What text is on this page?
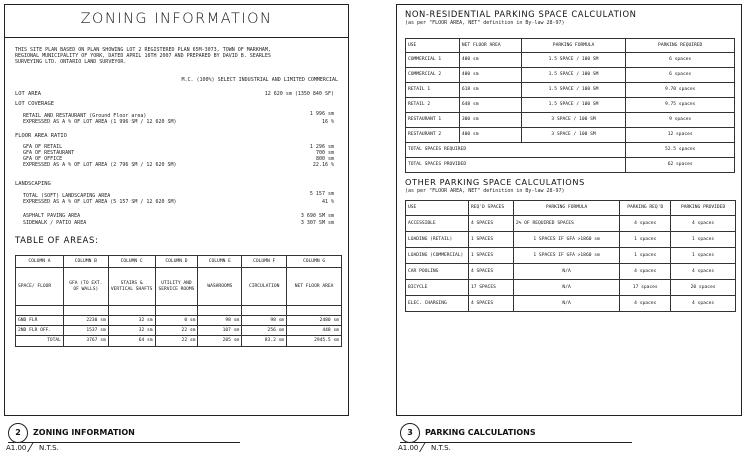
ZONING INFORMATION
THIS SITE PLAN BASED ON PLAN SHOWING LOT 2 REGISTERED PLAN 65M-3073, TOWN OF MARKHAM,
REGIONAL MUNICIPALITY OF YORK, DATED APRIL 16TH 2007 AND PREPARED BY DAVID B. SEARLES
SURVEYING LTD. ONTARIO LAND SURVEYOR.
M.C. (100%) SELECT INDUSTRIAL AND LIMITED COMMERCIAL
LOT AREA	12 620 sm (1350 840 SF)
LOT COVERAGE
RETAIL AND RESTAURANT (Ground Floor area)	1 996 sm
EXPRESSED AS A % OF LOT AREA (1 996 SM / 12 620 SM)	16 %
FLOOR AREA RATIO
GFA OF RETAIL	1 296 sm
GFA OF RESTAURANT	700 sm
GFA OF OFFICE	800 sm
EXPRESSED AS A % OF LOT AREA (2 796 SM / 12 620 SM)	22.16 %
LANDSCAPING
TOTAL (SOFT) LANDSCAPING AREA	5 157 sm
EXPRESSED AS A % OF LOT AREA (5 157 SM / 12 620 SM)	41 %
ASPHALT PAVING AREA	3 690 SM sm
SIDEWALK / PATIO AREA	3 307 SM sm
TABLE OF AREAS:
COLUMN A	COLUMN B	COLUMN C	COLUMN D	COLUMN E	COLUMN F	COLUMN G
SPACE/ FLOOR	GFA (TO EXT. OF WALLS)	STAIRS & VERTICAL SHAFTS	UTILITY AND SERVICE ROOMS	WASHROOMS	CIRCULATION	NET FLOOR AREA

GND FLR	2230 sm	32 sm	0 sm	98 sm	98 sm	2480 sm
2ND FLR OFF.	1537 sm	32 sm	22 sm	107 sm	256 sm	448 sm
TOTAL	3767 sm	64 sm	22 sm	205 sm	83.2 sm	2945.5 sm
2	ZONING INFORMATION
A1.00 N.T.S.
NON-RESIDENTIAL PARKING SPACE CALCULATION
(as per "FLOOR AREA, NET" definition in By-law 28-97)
USE	NET FLOOR AREA	PARKING FORMULA	PARKING REQUIRED
COMMERCIAL 1	400 sm	1.5 SPACE / 100 SM	6 spaces
COMMERCIAL 2	400 sm	1.5 SPACE / 100 SM	6 spaces
RETAIL 1	618 sm	1.5 SPACE / 100 SM	9.70 spaces
RETAIL 2	648 sm	1.5 SPACE / 100 SM	9.75 spaces
RESTAURANT 1	300 sm	3 SPACE / 100 SM	9 spaces
RESTAURANT 2	400 sm	3 SPACE / 100 SM	12 spaces
TOTAL SPACES REQUIRED			52.5 spaces
TOTAL SPACES PROVIDED			62 spaces
OTHER PARKING SPACE CALCULATIONS
(as per "FLOOR AREA, NET" definition in By-law 28-97)
USE	REQ'D SPACES	PARKING FORMULA	PARKING REQ'D	PARKING PROVIDED
ACCESSIBLE	4 SPACES	2% OF REQUIRED SPACES	4 spaces	4 spaces
LOADING (RETAIL)	1 SPACES	1 SPACES IF GFA >1860 sm	1 spaces	1 spaces
LOADING (COMMERCIAL)	1 SPACES	1 SPACES IF GFA >1860 sm	1 spaces	1 spaces
CAR POOLING	4 SPACES	N/A	4 spaces	4 spaces
BICYCLE	17 SPACES	N/A	17 spaces	20 spaces
ELEC. CHARGING	4 SPACES	N/A	4 spaces	4 spaces
3	PARKING CALCULATIONS
A1.00 N.T.S.
